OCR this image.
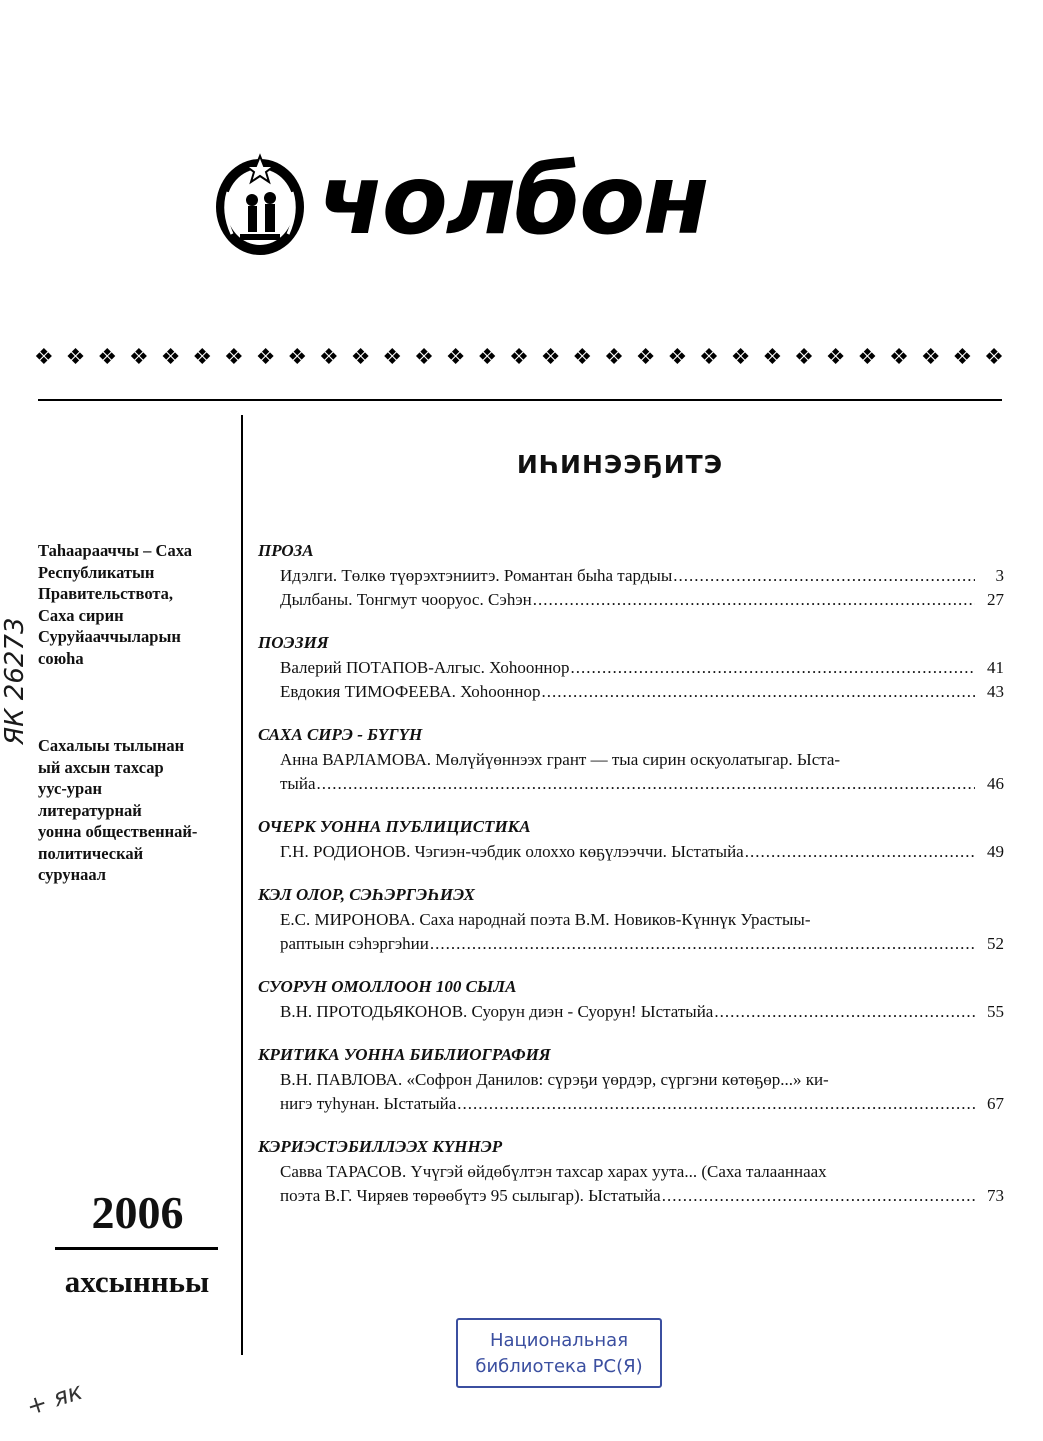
чолбон
❖ ❖ ❖ ❖ ❖ ❖ ❖ ❖ ❖ ❖ ❖ ❖ ❖ ❖ ❖ ❖ ❖ ❖ ❖ ❖ ❖ ❖ ❖ ❖ ❖ ❖ ❖ ❖ ❖ ❖ ❖
Таhаарааччы – Саха
Республикатын
Правительствота,
Саха сирин
Суруйааччыларын
союhа
Сахалыы тылынан
ый ахсын тахсар
уус-уран
литературнай
уонна общественнай-
политическай
сурунаал
2006
ахсынньы
ЯК 26273
+ як
ИҺИНЭЭҔИТЭ
ПРОЗА
Идэлги. Төлкө түөрэхтэниитэ. Романтан быһа тардыы .....	3
Дылбаны. Тонгмут чооруос. Сэһэн .....	27
ПОЭЗИЯ
Валерий ПОТАПОВ-Алгыс. Хоһооннор .....	41
Евдокия ТИМОФЕЕВА. Хоһооннор .....	43
САХА СИРЭ - БҮГҮН
Анна ВАРЛАМОВА. Мөлүйүөннээх грант — тыа сирин оскуолатыгар. Ыста-
тыйа .....	46
ОЧЕРК УОННА ПУБЛИЦИСТИКА
Г.Н. РОДИОНОВ. Чэгиэн-чэбдик олоххо көҕүлээччи. Ыстатыйа .....	49
КЭЛ ОЛОР, СЭҺЭРГЭҺИЭХ
Е.С. МИРОНОВА. Саха народнай поэта В.М. Новиков-Күннүк Урастыы-
раптыын сэһэргэһии .....	52
СУОРУН ОМОЛЛООН 100 СЫЛА
В.Н. ПРОТОДЬЯКОНОВ. Суорун диэн - Суорун! Ыстатыйа .....	55
КРИТИКА УОННА БИБЛИОГРАФИЯ
В.Н. ПАВЛОВА. «Софрон Данилов: сүрэҕи үөрдэр, сүргэни көтөҕөр...» ки-
нигэ туһунан. Ыстатыйа .....	67
КЭРИЭСТЭБИЛЛЭЭХ КҮННЭР
Савва ТАРАСОВ. Үчүгэй өйдөбүлтэн тахсар харах уута... (Саха талааннаах
поэта В.Г. Чиряев төрөөбүтэ 95 сылыгар). Ыстатыйа .....	73
Национальная
библиотека РС(Я)
